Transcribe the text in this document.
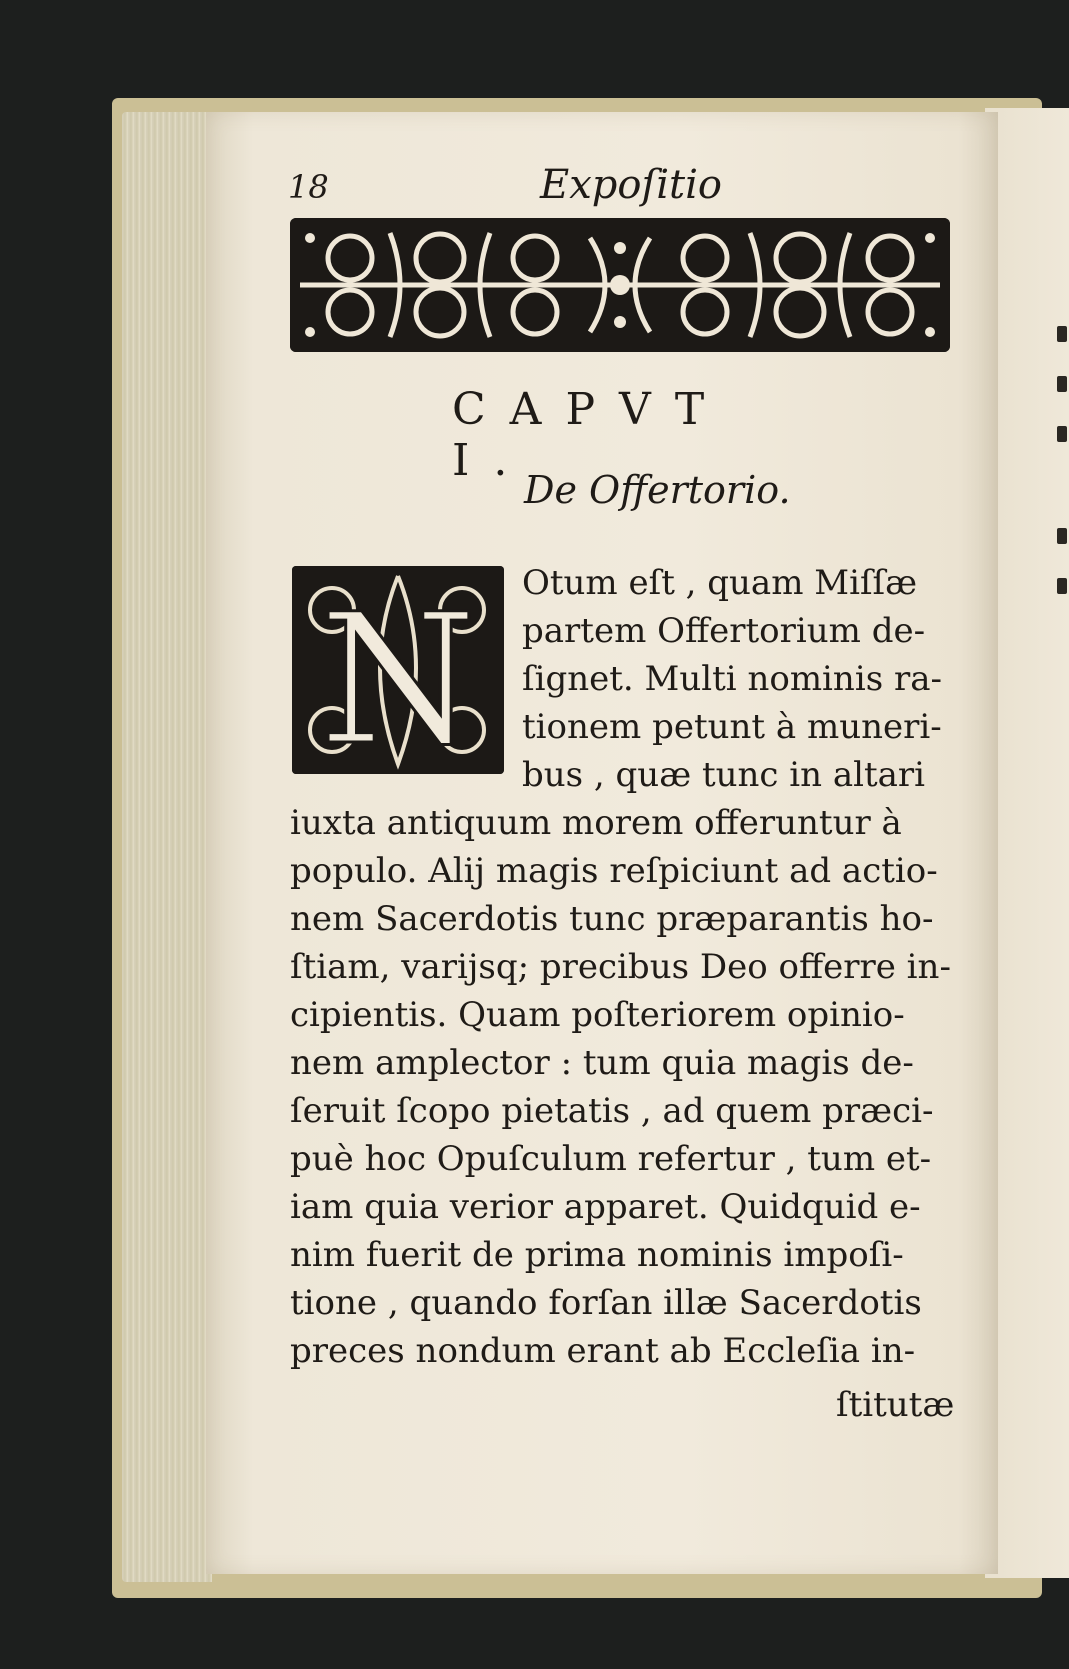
18	Expoſitio
CAPVT I.
De Offertorio.
N Otum eſt , quam Miſſæ
partem Offertorium de-
ſignet. Multi nominis ra-
tionem petunt à muneri-
bus , quæ tunc in altari
iuxta antiquum morem offeruntur à
populo. Alij magis reſpiciunt ad actio-
nem Sacerdotis tunc præparantis ho-
ſtiam, varijsq; precibus Deo offerre in-
cipientis. Quam poſteriorem opinio-
nem amplector : tum quia magis de-
ſeruit ſcopo pietatis , ad quem præci-
puè hoc Opuſculum refertur , tum et-
iam quia verior apparet. Quidquid e-
nim fuerit de prima nominis impoſi-
tione , quando forſan illæ Sacerdotis
preces nondum erant ab Eccleſia in-
ſtitutæ
